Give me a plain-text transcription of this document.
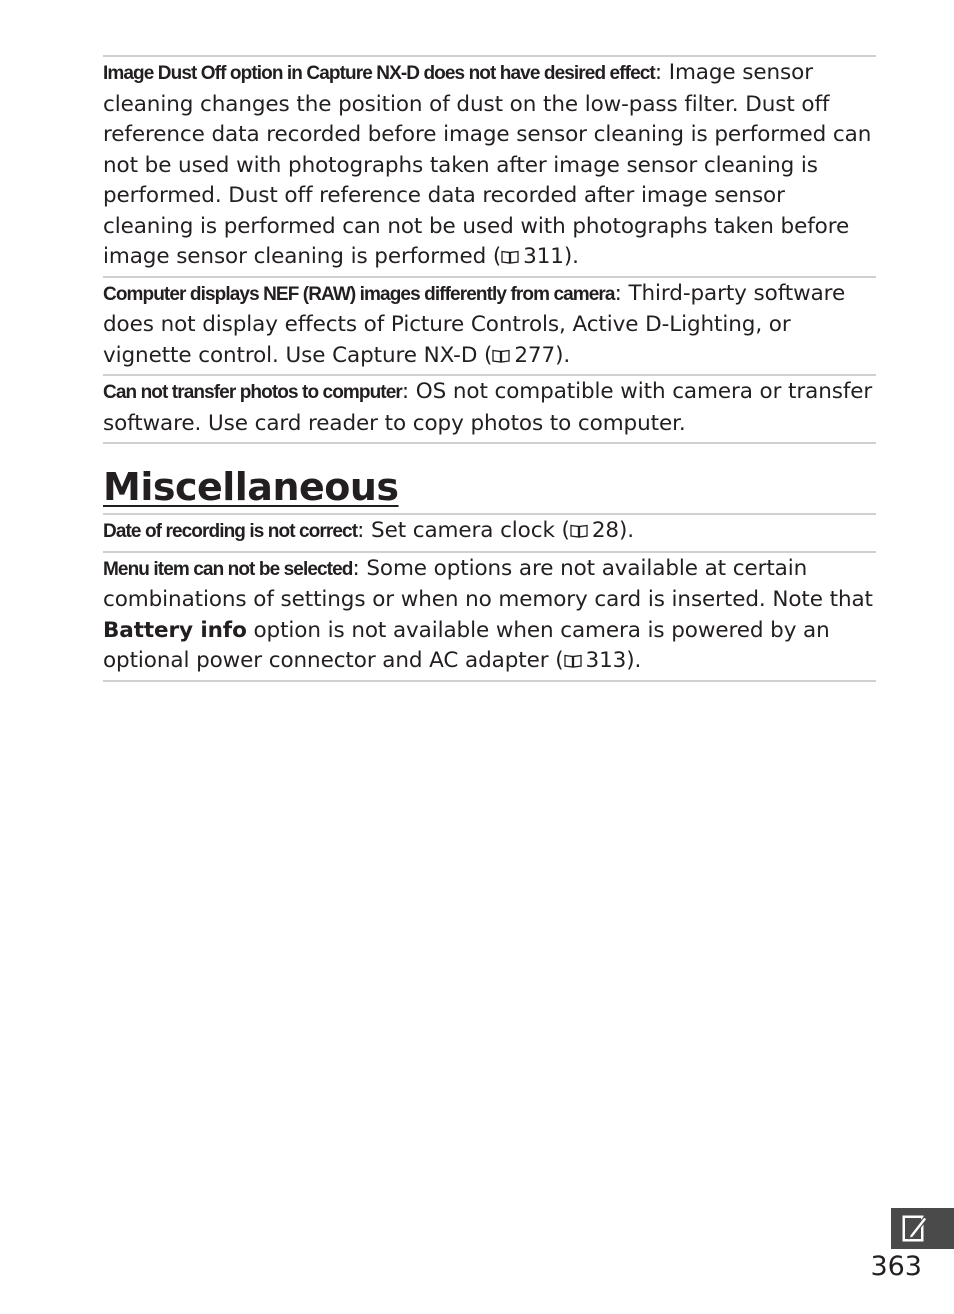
Image Dust Off option in Capture NX-D does not have desired effect: Image sensor cleaning changes the position of dust on the low-pass filter. Dust off reference data recorded before image sensor cleaning is performed can not be used with photographs taken after image sensor cleaning is performed. Dust off reference data recorded after image sensor cleaning is performed can not be used with photographs taken before image sensor cleaning is performed ( 311).
Computer displays NEF (RAW) images differently from camera: Third-party software does not display effects of Picture Controls, Active D-Lighting, or vignette control. Use Capture NX-D ( 277).
Can not transfer photos to computer: OS not compatible with camera or transfer software. Use card reader to copy photos to computer.
Miscellaneous
Date of recording is not correct: Set camera clock ( 28).
Menu item can not be selected: Some options are not available at certain combinations of settings or when no memory card is inserted. Note that Battery info option is not available when camera is powered by an optional power connector and AC adapter ( 313).
363
